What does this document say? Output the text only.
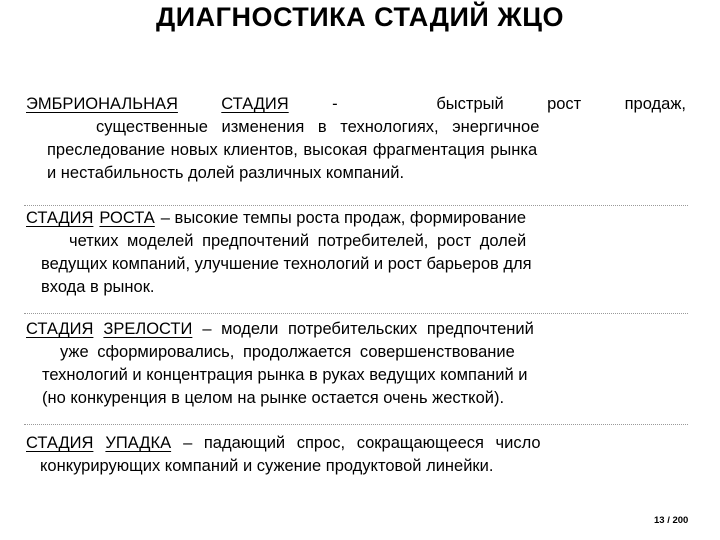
ДИАГНОСТИКА СТАДИЙ ЖЦО
ЭМБРИОНАЛЬНАЯ	СТАДИЯ	-	быстрый	рост	продаж,
существенные изменения в технологиях, энергичное
преследование новых клиентов, высокая фрагментация рынка
и нестабильность долей различных компаний.
СТАДИЯ РОСТА – высокие темпы роста продаж, формирование
четких моделей предпочтений потребителей, рост долей
ведущих компаний, улучшение технологий и рост барьеров для
входа в рынок.
СТАДИЯ ЗРЕЛОСТИ – модели потребительских предпочтений
уже сформировались, продолжается совершенствование
технологий и концентрация рынка в руках ведущих компаний и
(но конкуренция в целом на рынке остается очень жесткой).
СТАДИЯ УПАДКА – падающий спрос, сокращающееся число
конкурирующих компаний и сужение продуктовой линейки.
13 / 200
